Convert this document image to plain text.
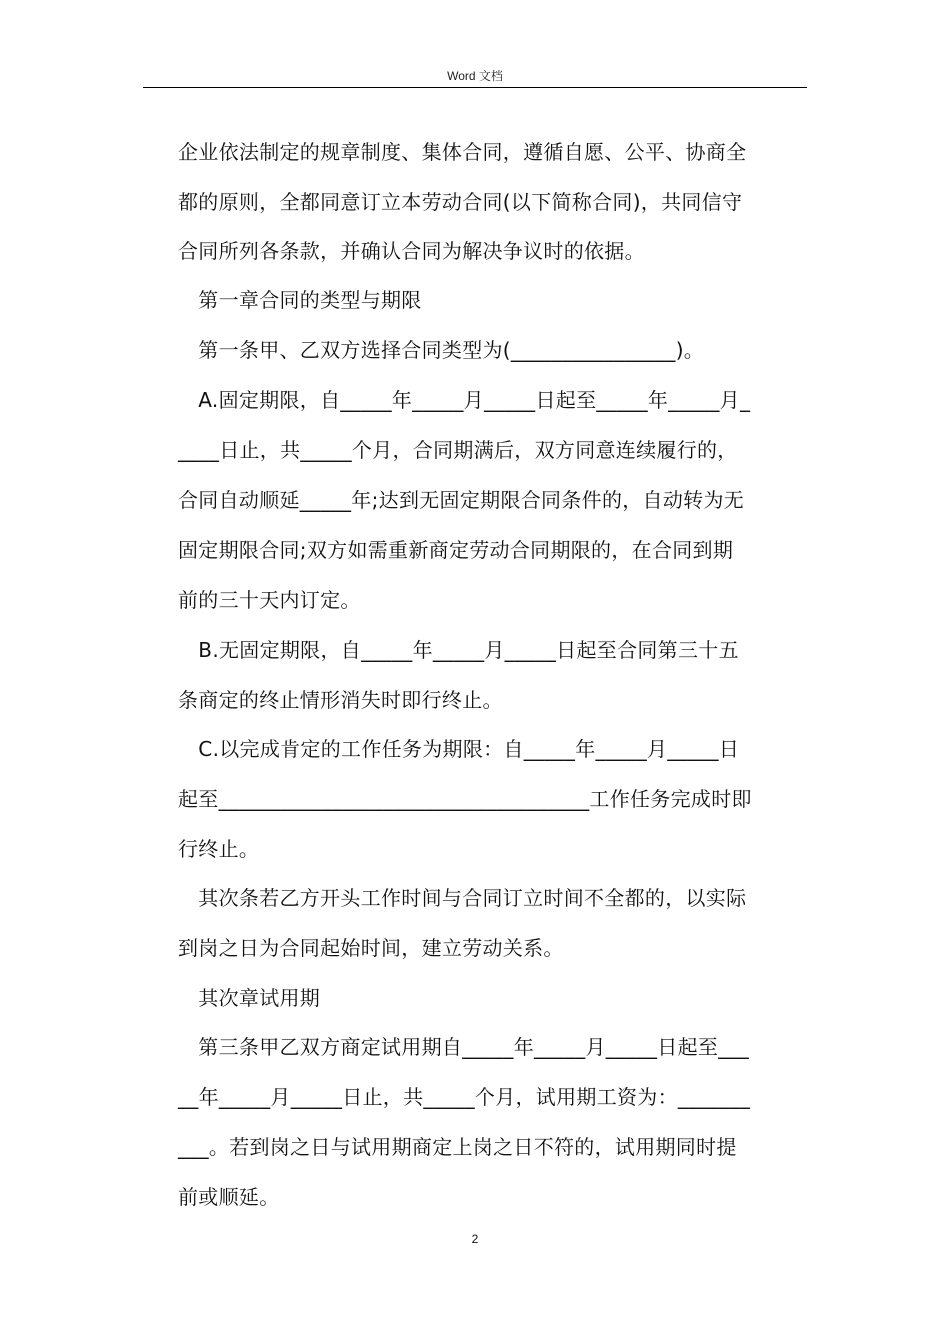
Word 文档
企业依法制定的规章制度、集体合同，遵循自愿、公平、协商全
都的原则，全都同意订立本劳动合同(以下简称合同)，共同信守
合同所列各条款，并确认合同为解决争议时的依据。
　第一章合同的类型与期限
　第一条甲、乙双方选择合同类型为(________________)。
　A.固定期限，自_____年_____月_____日起至_____年_____月_
____日止，共_____个月，合同期满后，双方同意连续履行的，
合同自动顺延_____年;达到无固定期限合同条件的，自动转为无
固定期限合同;双方如需重新商定劳动合同期限的，在合同到期
前的三十天内订定。
　B.无固定期限，自_____年_____月_____日起至合同第三十五
条商定的终止情形消失时即行终止。
　C.以完成肯定的工作任务为期限：自_____年_____月_____日
起至____________________________________工作任务完成时即
行终止。
　其次条若乙方开头工作时间与合同订立时间不全都的，以实际
到岗之日为合同起始时间，建立劳动关系。
　其次章试用期
　第三条甲乙双方商定试用期自_____年_____月_____日起至___
__年_____月_____日止，共_____个月，试用期工资为：_______
___。若到岗之日与试用期商定上岗之日不符的，试用期同时提
前或顺延。
2
